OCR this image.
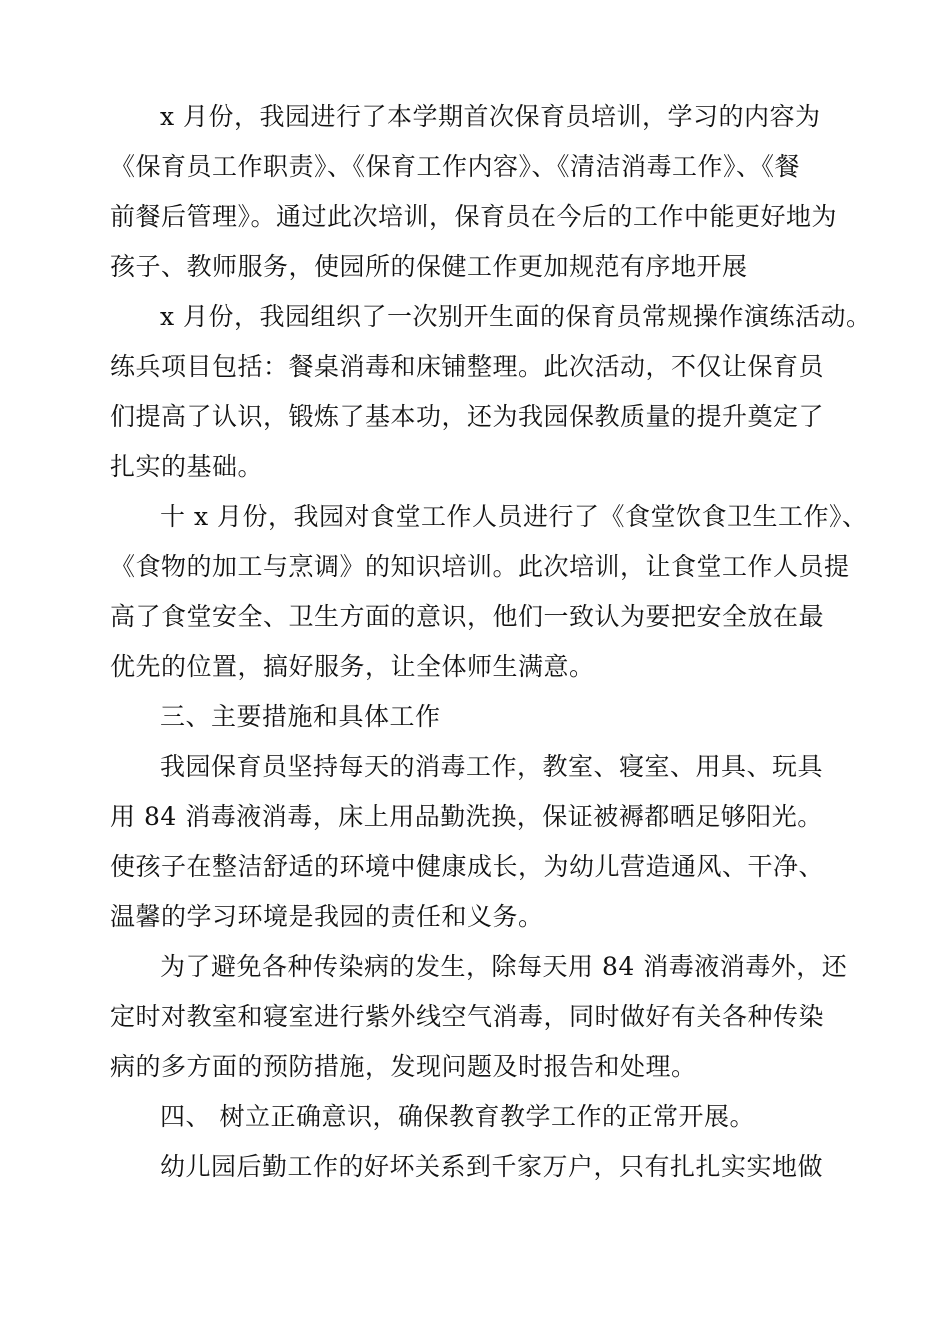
x 月份，我园进行了本学期首次保育员培训，学习的内容为
《保育员工作职责》、《保育工作内容》、《清洁消毒工作》、《餐
前餐后管理》。通过此次培训，保育员在今后的工作中能更好地为
孩子、教师服务，使园所的保健工作更加规范有序地开展
x 月份，我园组织了一次别开生面的保育员常规操作演练活动。
练兵项目包括：餐桌消毒和床铺整理。此次活动，不仅让保育员
们提高了认识，锻炼了基本功，还为我园保教质量的提升奠定了
扎实的基础。
十 x 月份，我园对食堂工作人员进行了《食堂饮食卫生工作》、
《食物的加工与烹调》的知识培训。此次培训，让食堂工作人员提
高了食堂安全、卫生方面的意识，他们一致认为要把安全放在最
优先的位置，搞好服务，让全体师生满意。
三、主要措施和具体工作
我园保育员坚持每天的消毒工作，教室、寝室、用具、玩具
用 84 消毒液消毒，床上用品勤洗换，保证被褥都晒足够阳光。
使孩子在整洁舒适的环境中健康成长，为幼儿营造通风、干净、
温馨的学习环境是我园的责任和义务。
为了避免各种传染病的发生，除每天用 84 消毒液消毒外，还
定时对教室和寝室进行紫外线空气消毒，同时做好有关各种传染
病的多方面的预防措施，发现问题及时报告和处理。
四、 树立正确意识，确保教育教学工作的正常开展。
幼儿园后勤工作的好坏关系到千家万户，只有扎扎实实地做
